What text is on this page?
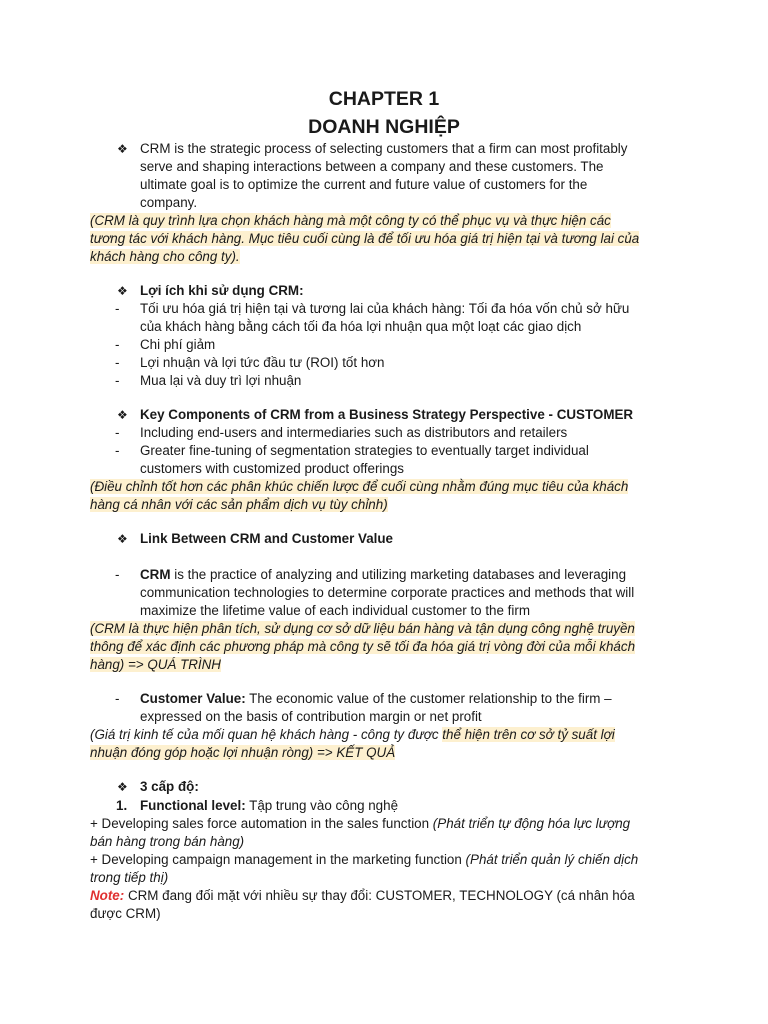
CHAPTER 1
DOANH NGHIỆP
❖ CRM is the strategic process of selecting customers that a firm can most profitably
serve and shaping interactions between a company and these customers. The
ultimate goal is to optimize the current and future value of customers for the
company.
(CRM là quy trình lựa chọn khách hàng mà một công ty có thể phục vụ và thực hiện các
tương tác với khách hàng. Mục tiêu cuối cùng là để tối ưu hóa giá trị hiện tại và tương lai của
khách hàng cho công ty).
❖ Lợi ích khi sử dụng CRM:
- Tối ưu hóa giá trị hiện tại và tương lai của khách hàng: Tối đa hóa vốn chủ sở hữu
của khách hàng bằng cách tối đa hóa lợi nhuận qua một loạt các giao dịch
- Chi phí giảm
- Lợi nhuận và lợi tức đầu tư (ROI) tốt hơn
- Mua lại và duy trì lợi nhuận
❖ Key Components of CRM from a Business Strategy Perspective - CUSTOMER
- Including end-users and intermediaries such as distributors and retailers
- Greater fine-tuning of segmentation strategies to eventually target individual
customers with customized product offerings
(Điều chỉnh tốt hơn các phân khúc chiến lược để cuối cùng nhằm đúng mục tiêu của khách
hàng cá nhân với các sản phẩm dịch vụ tùy chỉnh)
❖ Link Between CRM and Customer Value
- CRM is the practice of analyzing and utilizing marketing databases and leveraging
communication technologies to determine corporate practices and methods that will
maximize the lifetime value of each individual customer to the firm
(CRM là thực hiện phân tích, sử dụng cơ sở dữ liệu bán hàng và tận dụng công nghệ truyền
thông để xác định các phương pháp mà công ty sẽ tối đa hóa giá trị vòng đời của mỗi khách
hàng) => QUÁ TRÌNH
- Customer Value: The economic value of the customer relationship to the firm –
expressed on the basis of contribution margin or net profit
(Giá trị kinh tế của mối quan hệ khách hàng - công ty được thể hiện trên cơ sở tỷ suất lợi
nhuận đóng góp hoặc lợi nhuận ròng) => KẾT QUẢ
❖ 3 cấp độ:
1. Functional level: Tập trung vào công nghệ
+ Developing sales force automation in the sales function (Phát triển tự động hóa lực lượng
bán hàng trong bán hàng)
+ Developing campaign management in the marketing function (Phát triển quản lý chiến dịch
trong tiếp thị)
Note: CRM đang đối mặt với nhiều sự thay đổi: CUSTOMER, TECHNOLOGY (cá nhân hóa
được CRM)
